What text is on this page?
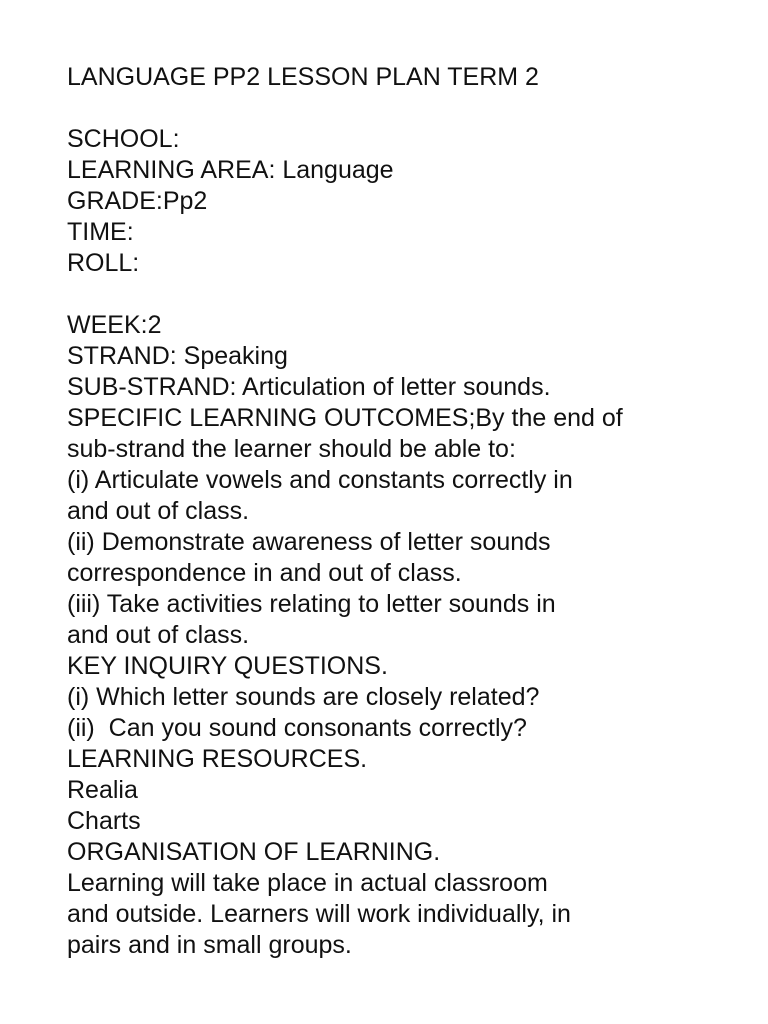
LANGUAGE PP2 LESSON PLAN TERM 2
SCHOOL:
LEARNING AREA: Language
GRADE:Pp2
TIME:
ROLL:
WEEK:2
STRAND: Speaking
SUB-STRAND: Articulation of letter sounds.
SPECIFIC LEARNING OUTCOMES;By the end of
sub-strand the learner should be able to:
(i) Articulate vowels and constants correctly in
and out of class.
(ii) Demonstrate awareness of letter sounds
correspondence in and out of class.
(iii) Take activities relating to letter sounds in
and out of class.
KEY INQUIRY QUESTIONS.
(i) Which letter sounds are closely related?
(ii)  Can you sound consonants correctly?
LEARNING RESOURCES.
Realia
Charts
ORGANISATION OF LEARNING.
Learning will take place in actual classroom
and outside. Learners will work individually, in
pairs and in small groups.
